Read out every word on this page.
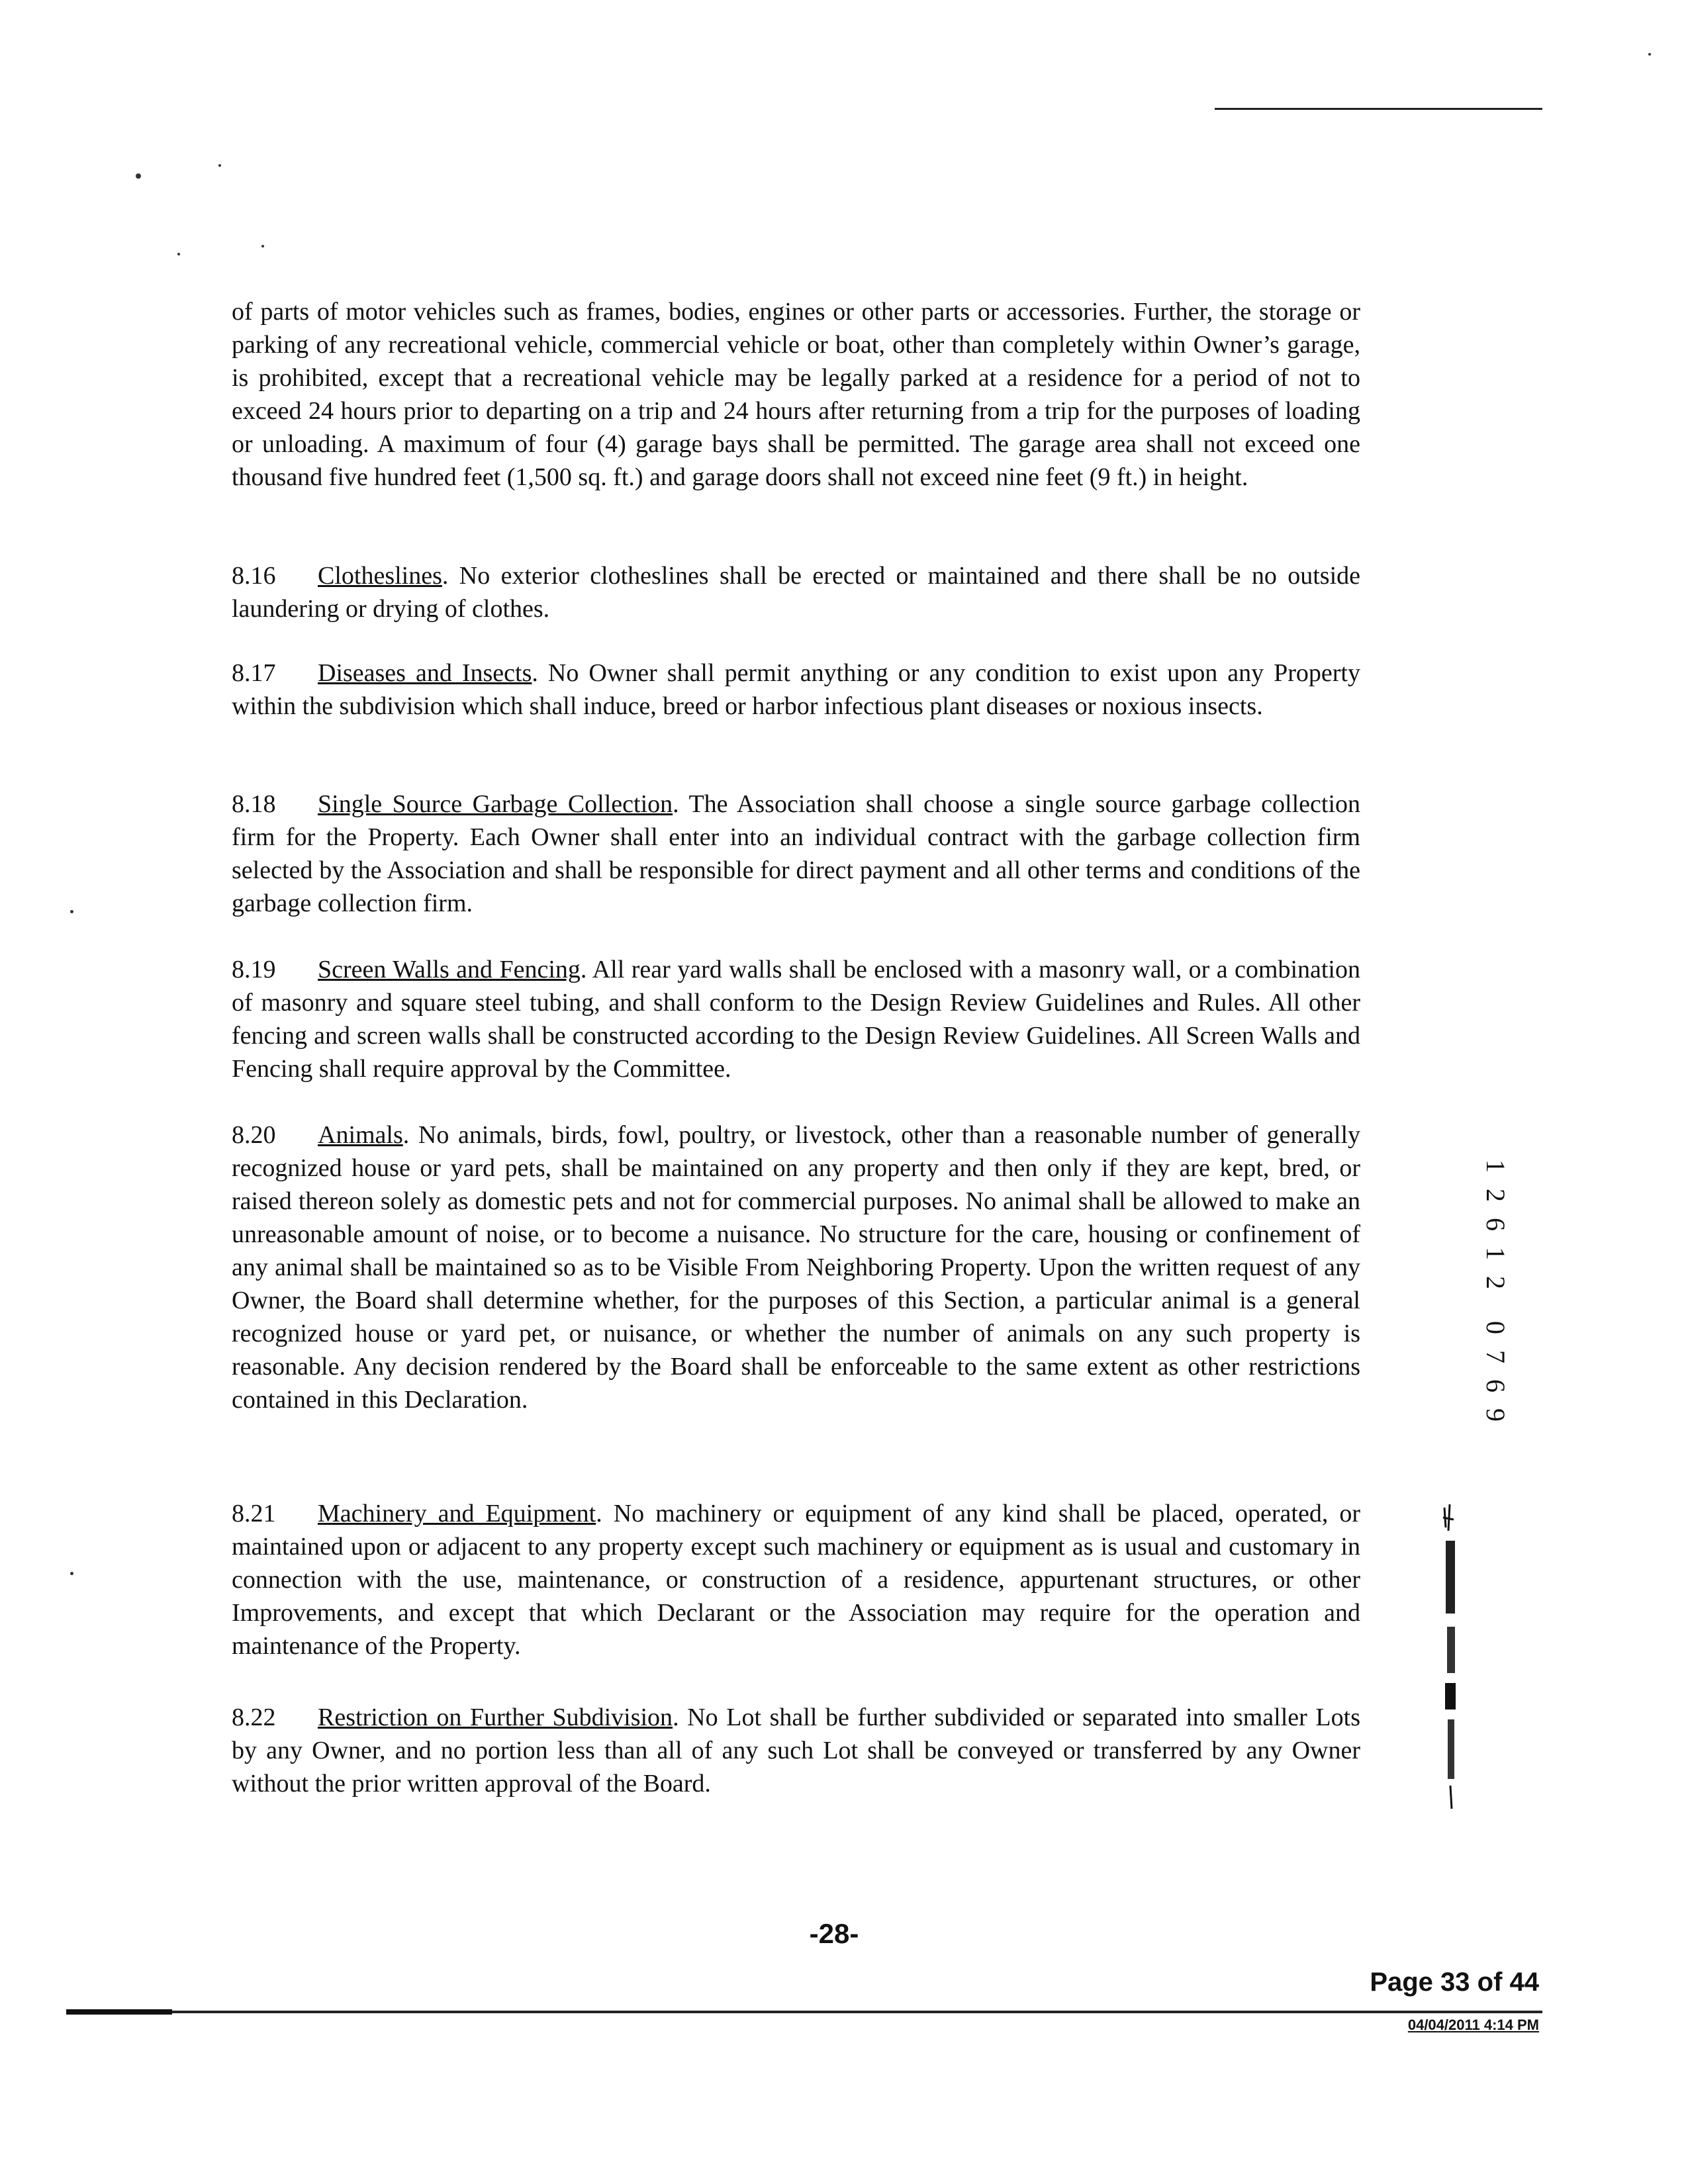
of parts of motor vehicles such as frames, bodies, engines or other parts or accessories. Further, the storage or parking of any recreational vehicle, commercial vehicle or boat, other than completely within Owner’s garage, is prohibited, except that a recreational vehicle may be legally parked at a residence for a period of not to exceed 24 hours prior to departing on a trip and 24 hours after returning from a trip for the purposes of loading or unloading. A maximum of four (4) garage bays shall be permitted. The garage area shall not exceed one thousand five hundred feet (1,500 sq. ft.) and garage doors shall not exceed nine feet (9 ft.) in height.
8.16 Clotheslines. No exterior clotheslines shall be erected or maintained and there shall be no outside laundering or drying of clothes.
8.17 Diseases and Insects. No Owner shall permit anything or any condition to exist upon any Property within the subdivision which shall induce, breed or harbor infectious plant diseases or noxious insects.
8.18 Single Source Garbage Collection. The Association shall choose a single source garbage collection firm for the Property. Each Owner shall enter into an individual contract with the garbage collection firm selected by the Association and shall be responsible for direct payment and all other terms and conditions of the garbage collection firm.
8.19 Screen Walls and Fencing. All rear yard walls shall be enclosed with a masonry wall, or a combination of masonry and square steel tubing, and shall conform to the Design Review Guidelines and Rules. All other fencing and screen walls shall be constructed according to the Design Review Guidelines. All Screen Walls and Fencing shall require approval by the Committee.
8.20 Animals. No animals, birds, fowl, poultry, or livestock, other than a reasonable number of generally recognized house or yard pets, shall be maintained on any property and then only if they are kept, bred, or raised thereon solely as domestic pets and not for commercial purposes. No animal shall be allowed to make an unreasonable amount of noise, or to become a nuisance. No structure for the care, housing or confinement of any animal shall be maintained so as to be Visible From Neighboring Property. Upon the written request of any Owner, the Board shall determine whether, for the purposes of this Section, a particular animal is a general recognized house or yard pet, or nuisance, or whether the number of animals on any such property is reasonable. Any decision rendered by the Board shall be enforceable to the same extent as other restrictions contained in this Declaration.
8.21 Machinery and Equipment. No machinery or equipment of any kind shall be placed, operated, or maintained upon or adjacent to any property except such machinery or equipment as is usual and customary in connection with the use, maintenance, or construction of a residence, appurtenant structures, or other Improvements, and except that which Declarant or the Association may require for the operation and maintenance of the Property.
8.22 Restriction on Further Subdivision. No Lot shall be further subdivided or separated into smaller Lots by any Owner, and no portion less than all of any such Lot shall be conveyed or transferred by any Owner without the prior written approval of the Board.
1
2
6
1
2
0
7
6
9
-28-
Page 33 of 44
04/04/2011 4:14 PM
